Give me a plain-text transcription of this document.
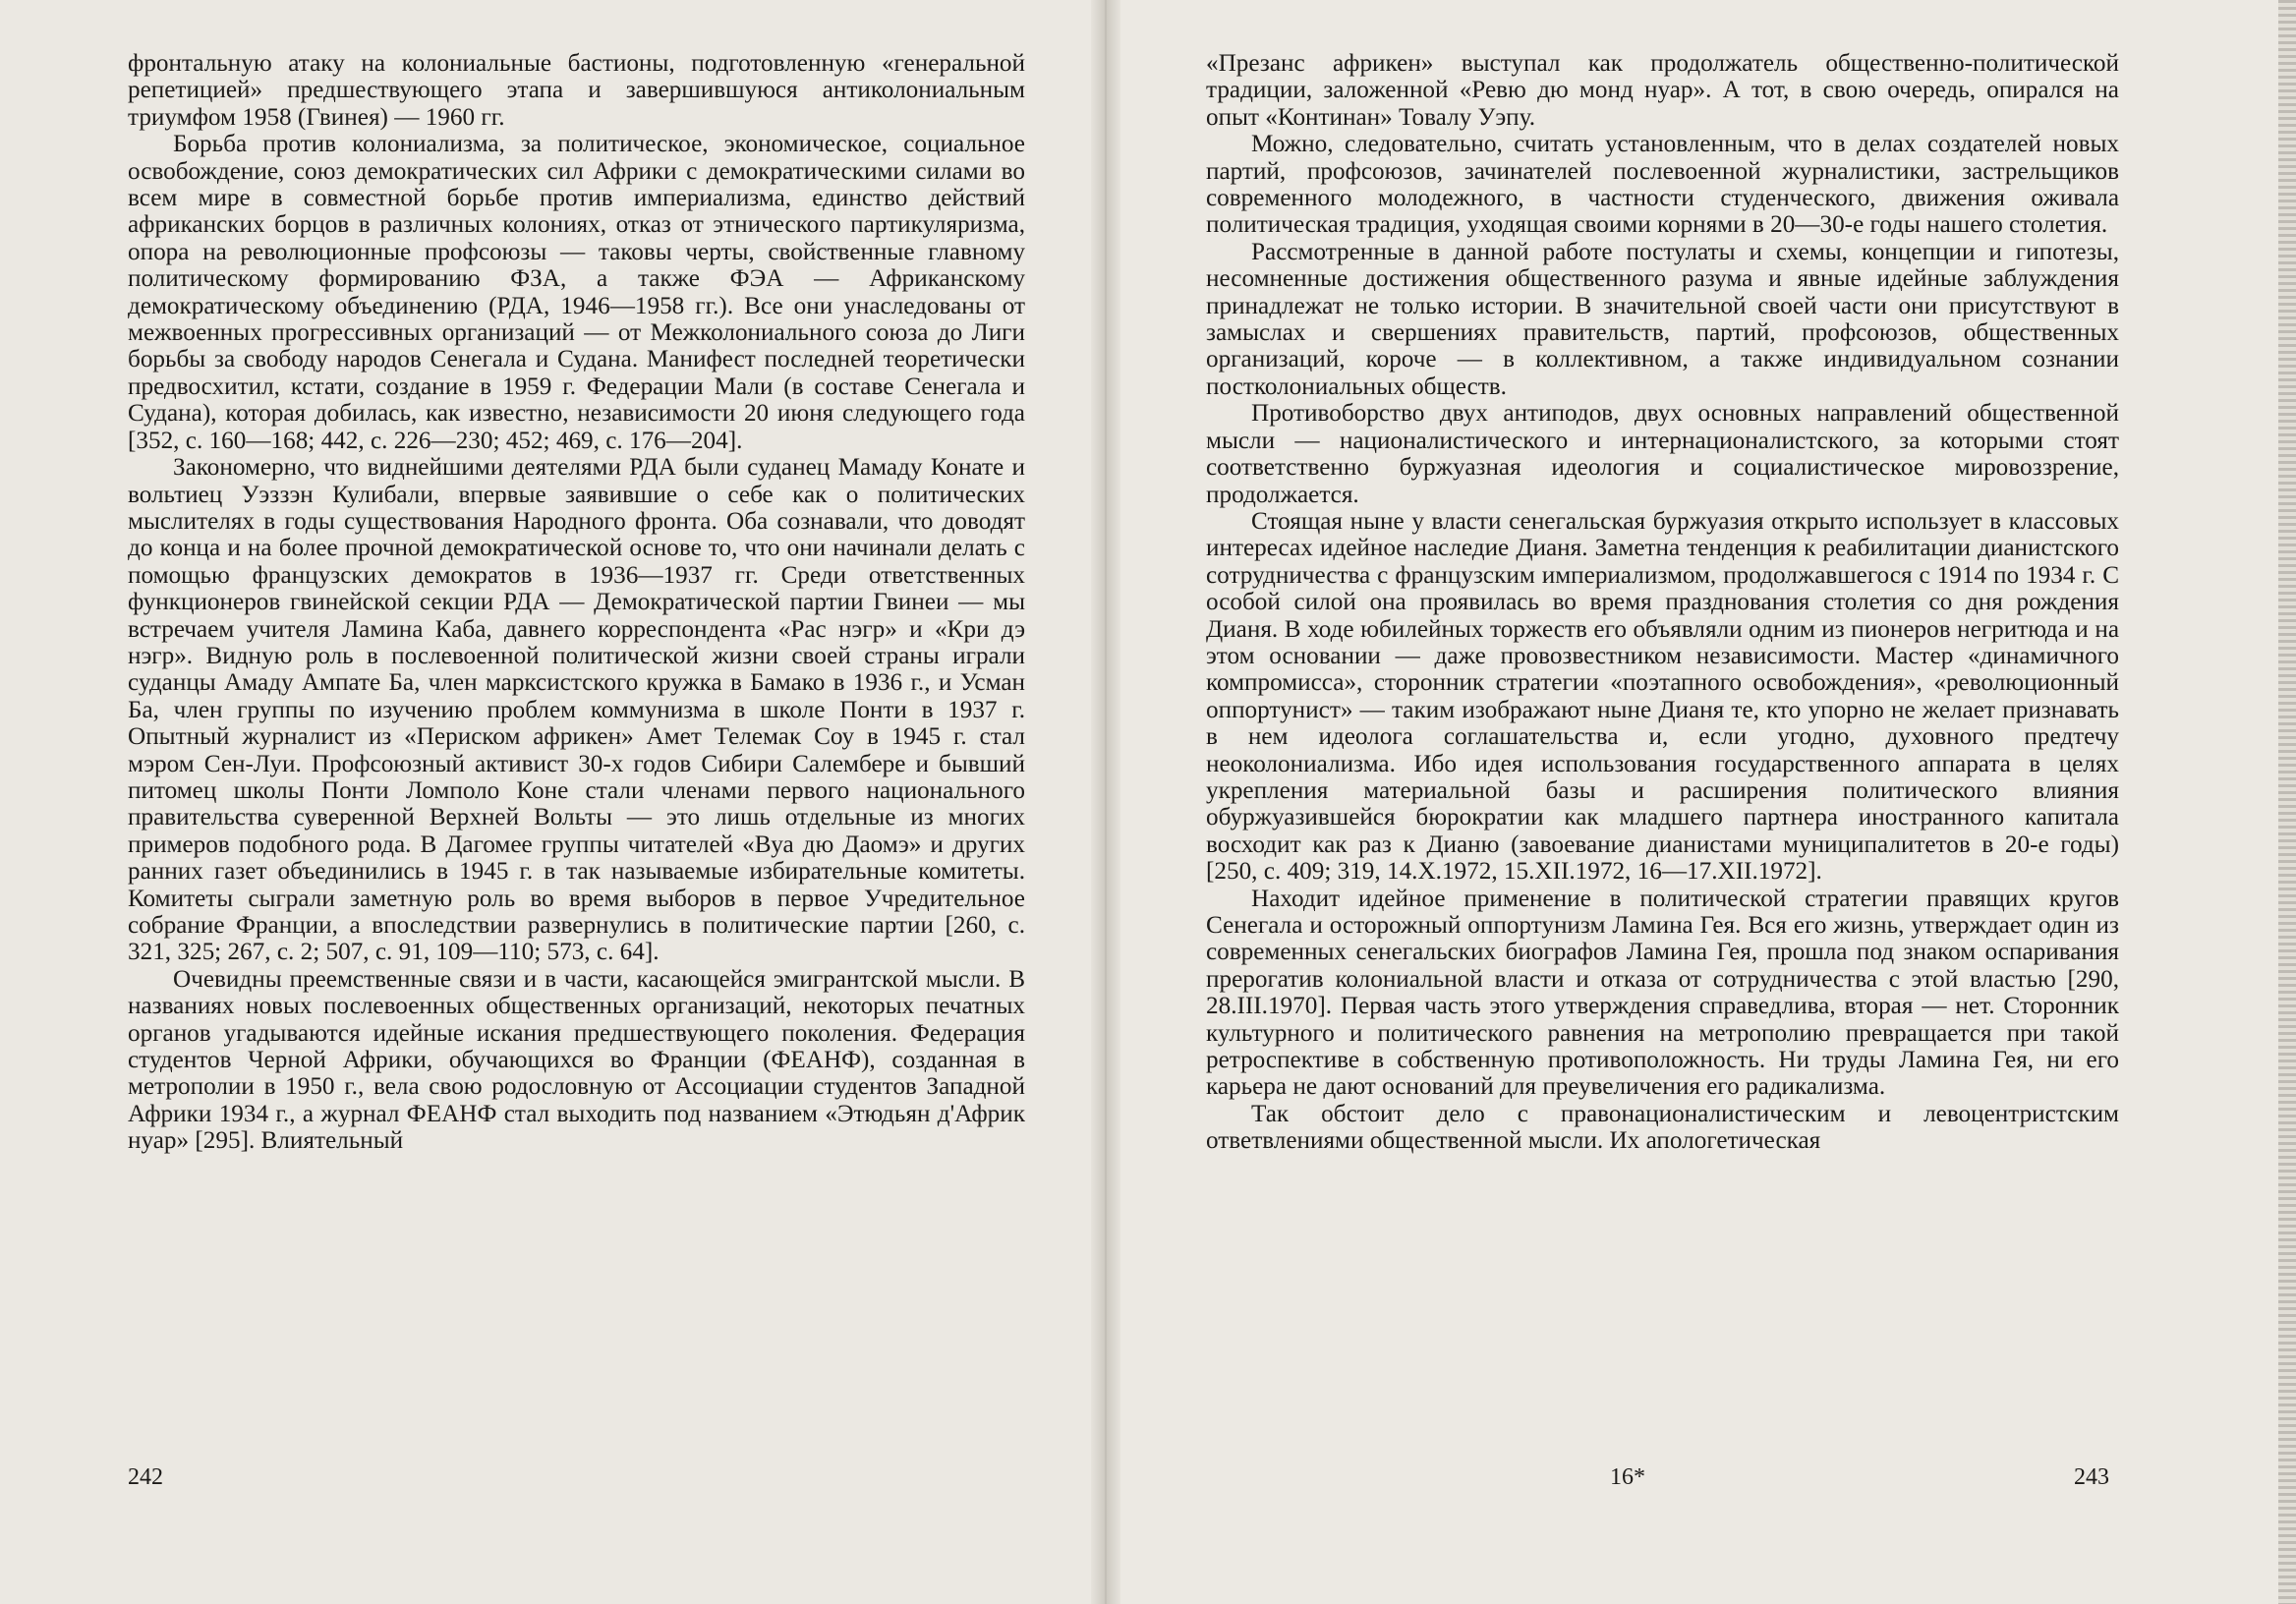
фронтальную атаку на колониальные бастионы, подготовленную «генеральной репетицией» предшествующего этапа и завершившуюся антиколониальным триумфом 1958 (Гвинея) — 1960 гг.

Борьба против колониализма, за политическое, экономическое, социальное освобождение, союз демократических сил Африки с демократическими силами во всем мире в совместной борьбе против империализма, единство действий африканских борцов в различных колониях, отказ от этнического партикуляризма, опора на революционные профсоюзы — таковы черты, свойственные главному политическому формированию ФЗА, а также ФЭА — Африканскому демократическому объединению (РДА, 1946—1958 гг.). Все они унаследованы от межвоенных прогрессивных организаций — от Межколониального союза до Лиги борьбы за свободу народов Сенегала и Судана. Манифест последней теоретически предвосхитил, кстати, создание в 1959 г. Федерации Мали (в составе Сенегала и Судана), которая добилась, как известно, независимости 20 июня следующего года [352, с. 160—168; 442, с. 226—230; 452; 469, с. 176—204].

Закономерно, что виднейшими деятелями РДА были суданец Мамаду Конате и вольтиец Уэззэн Кулибали, впервые заявившие о себе как о политических мыслителях в годы существования Народного фронта. Оба сознавали, что доводят до конца и на более прочной демократической основе то, что они начинали делать с помощью французских демократов в 1936—1937 гг. Среди ответственных функционеров гвинейской секции РДА — Демократической партии Гвинеи — мы встречаем учителя Ламина Каба, давнего корреспондента «Рас нэгр» и «Кри дэ нэгр». Видную роль в послевоенной политической жизни своей страны играли суданцы Амаду Ампате Ба, член марксистского кружка в Бамако в 1936 г., и Усман Ба, член группы по изучению проблем коммунизма в школе Понти в 1937 г. Опытный журналист из «Периском африкен» Амет Телемак Соу в 1945 г. стал мэром Сен-Луи. Профсоюзный активист 30-х годов Сибири Салембере и бывший питомец школы Понти Ломполо Коне стали членами первого национального правительства суверенной Верхней Вольты — это лишь отдельные из многих примеров подобного рода. В Дагомее группы читателей «Вуа дю Даомэ» и других ранних газет объединились в 1945 г. в так называемые избирательные комитеты. Комитеты сыграли заметную роль во время выборов в первое Учредительное собрание Франции, а впоследствии развернулись в политические партии [260, с. 321, 325; 267, с. 2; 507, с. 91, 109—110; 573, с. 64].

Очевидны преемственные связи и в части, касающейся эмигрантской мысли. В названиях новых послевоенных общественных организаций, некоторых печатных органов угадываются идейные искания предшествующего поколения. Федерация студентов Черной Африки, обучающихся во Франции (ФЕАНФ), созданная в метрополии в 1950 г., вела свою родословную от Ассоциации студентов Западной Африки 1934 г., а журнал ФЕАНФ стал выходить под названием «Этюдьян д'Африк нуар» [295]. Влиятельный

242

«Презанс африкен» выступал как продолжатель общественно-политической традиции, заложенной «Ревю дю монд нуар». А тот, в свою очередь, опирался на опыт «Континан» Товалу Уэпу.

Можно, следовательно, считать установленным, что в делах создателей новых партий, профсоюзов, зачинателей послевоенной журналистики, застрельщиков современного молодежного, в частности студенческого, движения оживала политическая традиция, уходящая своими корнями в 20—30-е годы нашего столетия.

Рассмотренные в данной работе постулаты и схемы, концепции и гипотезы, несомненные достижения общественного разума и явные идейные заблуждения принадлежат не только истории. В значительной своей части они присутствуют в замыслах и свершениях правительств, партий, профсоюзов, общественных организаций, короче — в коллективном, а также индивидуальном сознании постколониальных обществ.

Противоборство двух антиподов, двух основных направлений общественной мысли — националистического и интернационалистского, за которыми стоят соответственно буржуазная идеология и социалистическое мировоззрение, продолжается.

Стоящая ныне у власти сенегальская буржуазия открыто использует в классовых интересах идейное наследие Дианя. Заметна тенденция к реабилитации дианистского сотрудничества с французским империализмом, продолжавшегося с 1914 по 1934 г. С особой силой она проявилась во время празднования столетия со дня рождения Дианя. В ходе юбилейных торжеств его объявляли одним из пионеров негритюда и на этом основании — даже провозвестником независимости. Мастер «динамичного компромисса», сторонник стратегии «поэтапного освобождения», «революционный оппортунист» — таким изображают ныне Дианя те, кто упорно не желает признавать в нем идеолога соглашательства и, если угодно, духовного предтечу неоколониализма. Ибо идея использования государственного аппарата в целях укрепления материальной базы и расширения политического влияния обуржуазившейся бюрократии как младшего партнера иностранного капитала восходит как раз к Дианю (завоевание дианистами муниципалитетов в 20-е годы) [250, с. 409; 319, 14.X.1972, 15.XII.1972, 16—17.XII.1972].

Находит идейное применение в политической стратегии правящих кругов Сенегала и осторожный оппортунизм Ламина Гея. Вся его жизнь, утверждает один из современных сенегальских биографов Ламина Гея, прошла под знаком оспаривания прерогатив колониальной власти и отказа от сотрудничества с этой властью [290, 28.III.1970]. Первая часть этого утверждения справедлива, вторая — нет. Сторонник культурного и политического равнения на метрополию превращается при такой ретроспективе в собственную противоположность. Ни труды Ламина Гея, ни его карьера не дают оснований для преувеличения его радикализма.

Так обстоит дело с правонационалистическим и левоцентристским ответвлениями общественной мысли. Их апологетическая

16*	243
